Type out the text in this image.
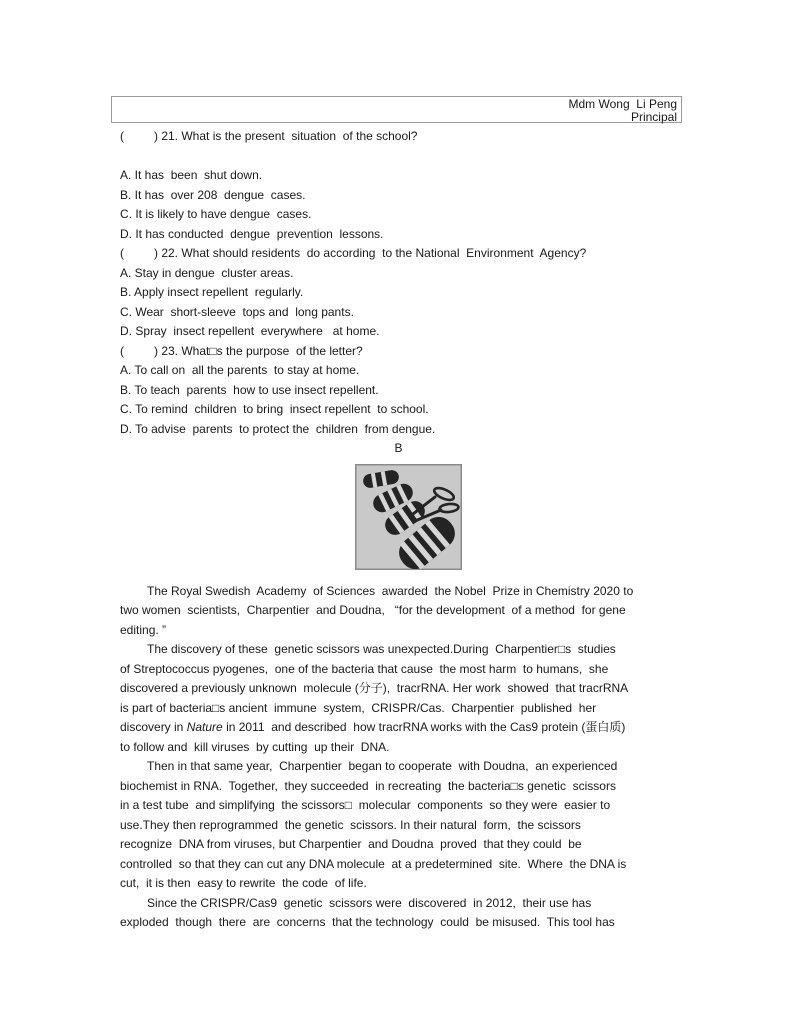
Mdm Wong  Li Peng
Principal
(         ) 21. What is the present  situation  of the school?
A. It has  been  shut down.
B. It has  over 208  dengue  cases.
C. It is likely to have dengue  cases.
D. It has conducted  dengue  prevention  lessons.
(         ) 22. What should residents  do according  to the National  Environment  Agency?
A. Stay in dengue  cluster areas.
B. Apply insect repellent  regularly.
C. Wear  short-sleeve  tops and  long pants.
D. Spray  insect repellent  everywhere   at home.
(         ) 23. What□s the purpose  of the letter?
A. To call on  all the parents  to stay at home.
B. To teach  parents  how to use insect repellent.
C. To remind  children  to bring  insect repellent  to school.
D. To advise  parents  to protect the  children  from dengue.
B
The Royal Swedish  Academy  of Sciences  awarded  the Nobel  Prize in Chemistry 2020 to
two women  scientists,  Charpentier  and Doudna,   “for the development  of a method  for gene
editing. ”
The discovery of these  genetic scissors was unexpected.During  Charpentier□s  studies
of Streptococcus pyogenes,  one of the bacteria that cause  the most harm  to humans,  she
discovered a previously unknown  molecule (分子),  tracrRNA. Her work  showed  that tracrRNA
is part of bacteria□s ancient  immune  system,  CRISPR/Cas.  Charpentier  published  her
discovery in Nature in 2011  and described  how tracrRNA works with the Cas9 protein (蛋白质)
to follow and  kill viruses  by cutting  up their  DNA.
Then in that same year,  Charpentier  began to cooperate  with Doudna,  an experienced
biochemist in RNA.  Together,  they succeeded  in recreating  the bacteria□s genetic  scissors
in a test tube  and simplifying  the scissors□  molecular  components  so they were  easier to
use.They then reprogrammed  the genetic  scissors. In their natural  form,  the scissors
recognize  DNA from viruses, but Charpentier  and Doudna  proved  that they could  be
controlled  so that they can cut any DNA molecule  at a predetermined  site.  Where  the DNA is
cut,  it is then  easy to rewrite  the code  of life.
Since the CRISPR/Cas9  genetic  scissors were  discovered  in 2012,  their use has
exploded  though  there  are  concerns  that the technology  could  be misused.  This tool has
